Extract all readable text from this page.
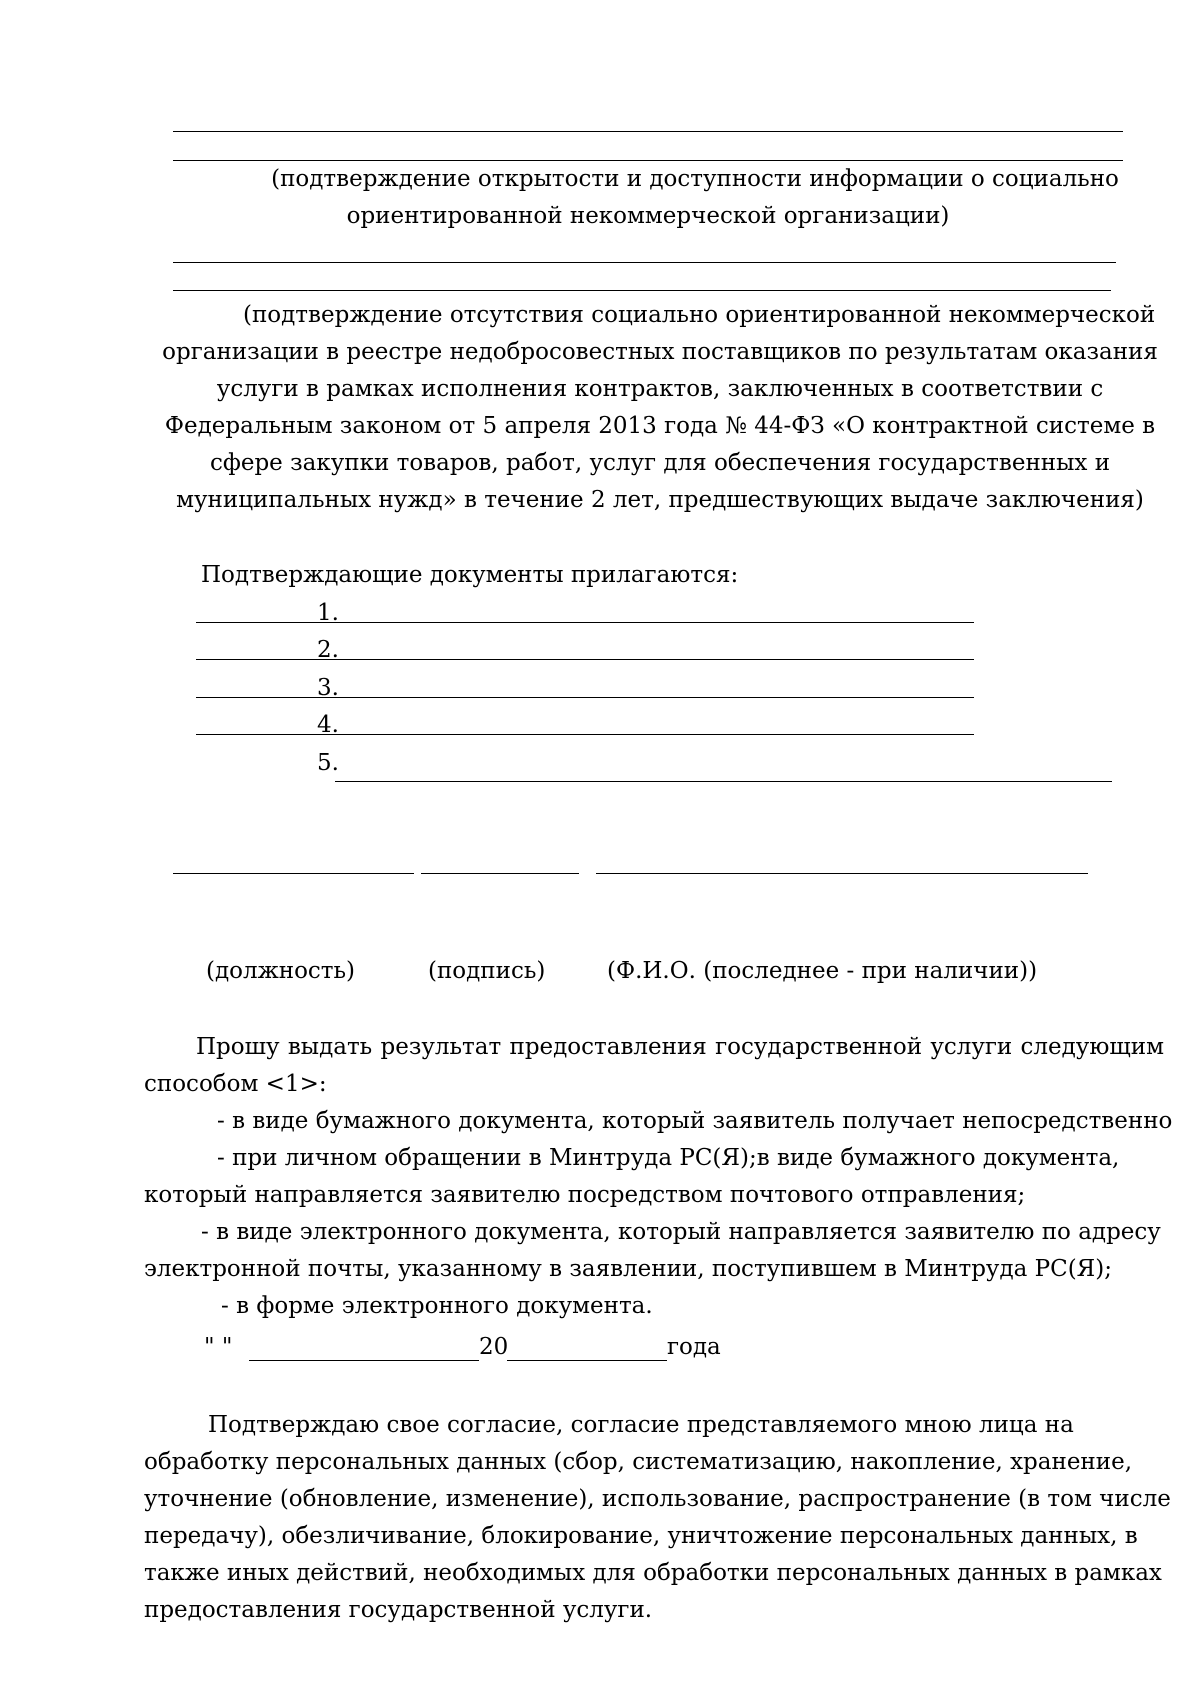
(подтверждение открытости и доступности информации о социально
ориентированной некоммерческой организации)
(подтверждение отсутствия социально ориентированной некоммерческой
организации в реестре недобросовестных поставщиков по результатам оказания
услуги в рамках исполнения контрактов, заключенных в соответствии с
Федеральным законом от 5 апреля 2013 года № 44-ФЗ «О контрактной системе в
сфере закупки товаров, работ, услуг для обеспечения государственных и
муниципальных нужд» в течение 2 лет, предшествующих выдаче заключения)
Подтверждающие документы прилагаются:
1.
2.
3.
4.
5.
(должность)	(подпись)	(Ф.И.О. (последнее - при наличии))
Прошу выдать результат предоставления государственной услуги следующим
способом <1>:
- в виде бумажного документа, который заявитель получает непосредственно
- при личном обращении в Минтруда РС(Я);в виде бумажного документа,
который направляется заявителю посредством почтового отправления;
- в виде электронного документа, который направляется заявителю по адресу
электронной почты, указанному в заявлении, поступившем в Минтруда РС(Я);
- в форме электронного документа.
" "	20	года
Подтверждаю свое согласие, согласие представляемого мною лица на
обработку персональных данных (сбор, систематизацию, накопление, хранение,
уточнение (обновление, изменение), использование, распространение (в том числе
передачу), обезличивание, блокирование, уничтожение персональных данных, в
также иных действий, необходимых для обработки персональных данных в рамках
предоставления государственной услуги.
